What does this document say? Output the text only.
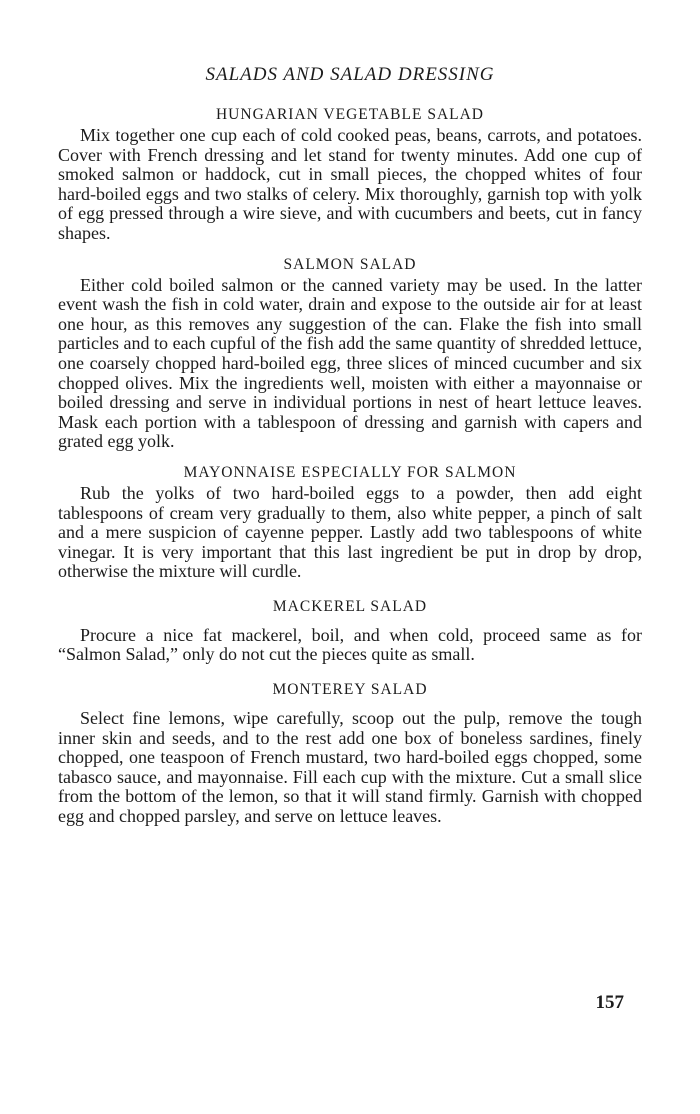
SALADS AND SALAD DRESSING
HUNGARIAN VEGETABLE SALAD

Mix together one cup each of cold cooked peas, beans, carrots, and potatoes. Cover with French dressing and let stand for twenty minutes. Add one cup of smoked salmon or haddock, cut in small pieces, the chopped whites of four hard-boiled eggs and two stalks of celery. Mix thoroughly, garnish top with yolk of egg pressed through a wire sieve, and with cucumbers and beets, cut in fancy shapes.

SALMON SALAD

Either cold boiled salmon or the canned variety may be used. In the latter event wash the fish in cold water, drain and expose to the outside air for at least one hour, as this removes any suggestion of the can. Flake the fish into small particles and to each cupful of the fish add the same quantity of shredded lettuce, one coarsely chopped hard-boiled egg, three slices of minced cucumber and six chopped olives. Mix the ingredients well, moisten with either a mayonnaise or boiled dressing and serve in individual portions in nest of heart lettuce leaves. Mask each portion with a tablespoon of dressing and garnish with capers and grated egg yolk.

MAYONNAISE ESPECIALLY FOR SALMON

Rub the yolks of two hard-boiled eggs to a powder, then add eight tablespoons of cream very gradually to them, also white pepper, a pinch of salt and a mere suspicion of cayenne pepper. Lastly add two tablespoons of white vinegar. It is very important that this last ingredient be put in drop by drop, otherwise the mixture will curdle.

MACKEREL SALAD

Procure a nice fat mackerel, boil, and when cold, proceed same as for “Salmon Salad,” only do not cut the pieces quite as small.

MONTEREY SALAD

Select fine lemons, wipe carefully, scoop out the pulp, remove the tough inner skin and seeds, and to the rest add one box of boneless sardines, finely chopped, one teaspoon of French mustard, two hard-boiled eggs chopped, some tabasco sauce, and mayonnaise. Fill each cup with the mixture. Cut a small slice from the bottom of the lemon, so that it will stand firmly. Garnish with chopped egg and chopped parsley, and serve on lettuce leaves.

157
